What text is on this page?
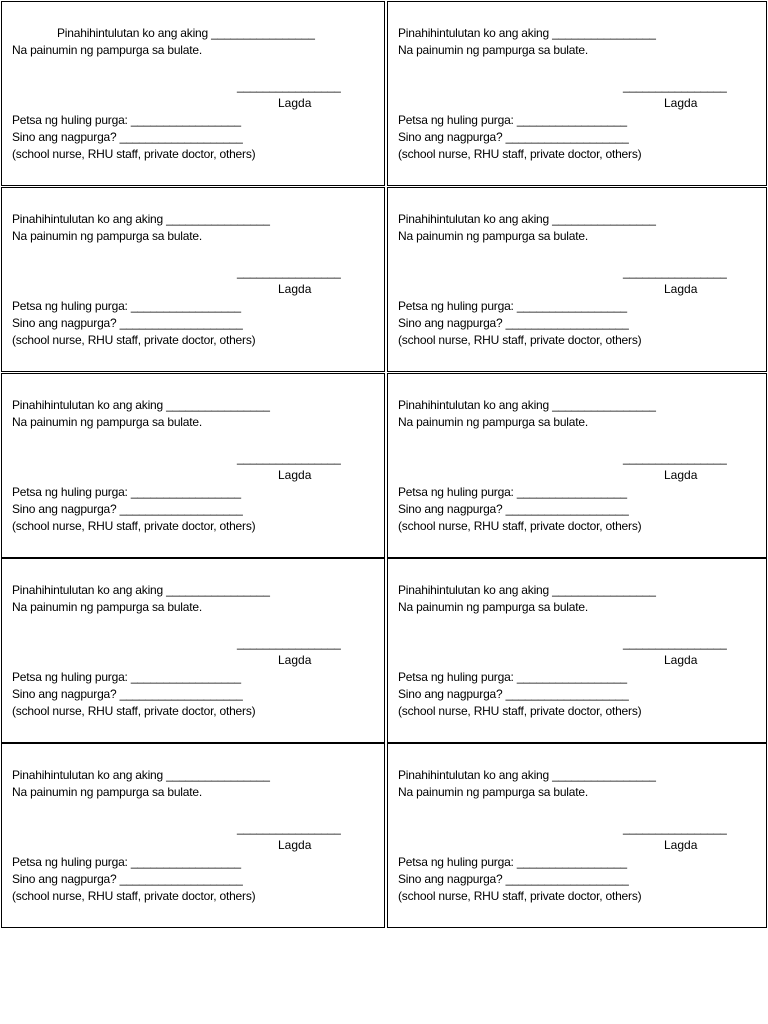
Pinahihintulutan ko ang aking ________________
Na painumin ng pampurga sa bulate.
________________
Lagda
Petsa ng huling purga: _________________
Sino ang nagpurga? ___________________
(school nurse, RHU staff, private doctor, others)
Pinahihintulutan ko ang aking ________________
Na painumin ng pampurga sa bulate.
________________
Lagda
Petsa ng huling purga: _________________
Sino ang nagpurga? ___________________
(school nurse, RHU staff, private doctor, others)
Pinahihintulutan ko ang aking ________________
Na painumin ng pampurga sa bulate.
________________
Lagda
Petsa ng huling purga: _________________
Sino ang nagpurga? ___________________
(school nurse, RHU staff, private doctor, others)
Pinahihintulutan ko ang aking ________________
Na painumin ng pampurga sa bulate.
________________
Lagda
Petsa ng huling purga: _________________
Sino ang nagpurga? ___________________
(school nurse, RHU staff, private doctor, others)
Pinahihintulutan ko ang aking ________________
Na painumin ng pampurga sa bulate.
________________
Lagda
Petsa ng huling purga: _________________
Sino ang nagpurga? ___________________
(school nurse, RHU staff, private doctor, others)
Pinahihintulutan ko ang aking ________________
Na painumin ng pampurga sa bulate.
________________
Lagda
Petsa ng huling purga: _________________
Sino ang nagpurga? ___________________
(school nurse, RHU staff, private doctor, others)
Pinahihintulutan ko ang aking ________________
Na painumin ng pampurga sa bulate.
________________
Lagda
Petsa ng huling purga: _________________
Sino ang nagpurga? ___________________
(school nurse, RHU staff, private doctor, others)
Pinahihintulutan ko ang aking ________________
Na painumin ng pampurga sa bulate.
________________
Lagda
Petsa ng huling purga: _________________
Sino ang nagpurga? ___________________
(school nurse, RHU staff, private doctor, others)
Pinahihintulutan ko ang aking ________________
Na painumin ng pampurga sa bulate.
________________
Lagda
Petsa ng huling purga: _________________
Sino ang nagpurga? ___________________
(school nurse, RHU staff, private doctor, others)
Pinahihintulutan ko ang aking ________________
Na painumin ng pampurga sa bulate.
________________
Lagda
Petsa ng huling purga: _________________
Sino ang nagpurga? ___________________
(school nurse, RHU staff, private doctor, others)
